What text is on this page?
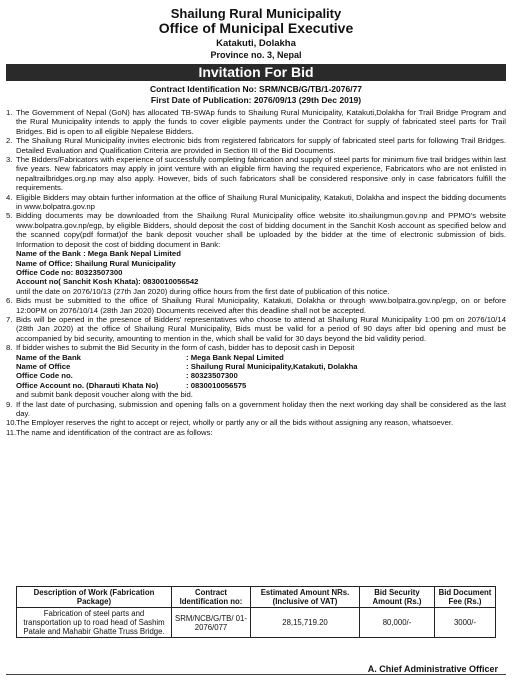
Shailung Rural Municipality
Office of Municipal Executive
Katakuti, Dolakha
Province no. 3, Nepal
Invitation For Bid
Contract Identification No: SRM/NCB/G/TB/1-2076/77
First Date of Publication: 2076/09/13 (29th Dec 2019)
1. The Government of Nepal (GoN) has allocated TB-SWAp funds to Shailung Rural Municipality, Katakuti,Dolakha for Trail Bridge Program and the Rural Municipality intends to apply the funds to cover eligible payments under the Contract for supply of fabricated steel parts for Trail Bridges. Bid is open to all eligible Nepalese Bidders.
2. The Shailung Rural Municipality invites electronic bids from registered fabricators for supply of fabricated steel parts for following Trail Bridges. Detailed Evaluation and Qualification Criteria are provided in Section III of the Bid Documents.
3. The Bidders/Fabricators with experience of successfully completing fabrication and supply of steel parts for minimum five trail bridges within last five years. New fabricators may apply in joint venture with an eligible firm having the required experience, Fabricators who are not enlisted in nepaltrailbridges.org.np may also apply. However, bids of such fabricators shall be considered responsive only in case fabricators fulfill the requirements.
4. Eligible Bidders may obtain further information at the office of Shailung Rural Municipality, Katakuti, Dolakha and inspect the bidding documents in www.bolpatra.gov.np
5. Bidding documents may be downloaded from the Shailung Rural Municipality office website ito.shailungmun.gov.np and PPMO's website www.bolpatra.gov.np/egp, by eligible Bidders, should deposit the cost of bidding document in the Sanchit Kosh account as specified below and the scanned copy(pdf format)of the bank deposit voucher shall be uploaded by the bidder at the time of electronic submission of bids. Information to deposit the cost of bidding document in Bank:
Name of the Bank : Mega Bank Nepal Limited
Name of Office: Shailung Rural Municipality
Office Code no: 80323507300
Account no( Sanchit Kosh Khata): 0830010056542
until the date on 2076/10/13 (27th Jan 2020) during office hours from the first date of publication of this notice.
6. Bids must be submitted to the office of Shailung Rural Municipality, Katakuti, Dolakha or through www.bolpatra.gov.np/egp, on or before 12:00PM on 2076/10/14 (28th Jan 2020) Documents received after this deadline shall not be accepted.
7. Bids will be opened in the presence of Bidders' representatives who choose to attend at Shailung Rural Municipality 1:00 pm on 2076/10/14 (28th Jan 2020) at the office of Shailung Rural Municipality, Bids must be valid for a period of 90 days after bid opening and must be accompanied by bid security, amounting to mention in the, which shall be valid for 30 days beyond the bid validity period.
8. If bidder wishes to submit the Bid Security in the form of cash, bidder has to deposit cash in Deposit
Name of the Bank	: Mega Bank Nepal Limited
Name of Office	: Shailung Rural Municipality,Katakuti, Dolakha
Office Code no.	: 80323507300
Office Account no. (Dharauti Khata No)	: 0830010056575
and submit bank deposit voucher along with the bid.
9. If the last date of purchasing, submission and opening falls on a government holiday then the next working day shall be considered as the last day.
10. The Employer reserves the right to accept or reject, wholly or partly any or all the bids without assigning any reason, whatsoever.
11. The name and identification of the contract are as follows:
Description of Work (Fabrication Package)	Contract Identification no:	Estimated Amount NRs.(Inclusive of VAT)	Bid Security Amount (Rs.)	Bid Document Fee (Rs.)
Fabrication of steel parts and transportation up to road head of Sashim Patale and Mahabir Ghatte Truss Bridge.	SRM/NCB/G/TB/ 01-2076/077	28,15,719.20	80,000/-	3000/-
A. Chief Administrative Officer
